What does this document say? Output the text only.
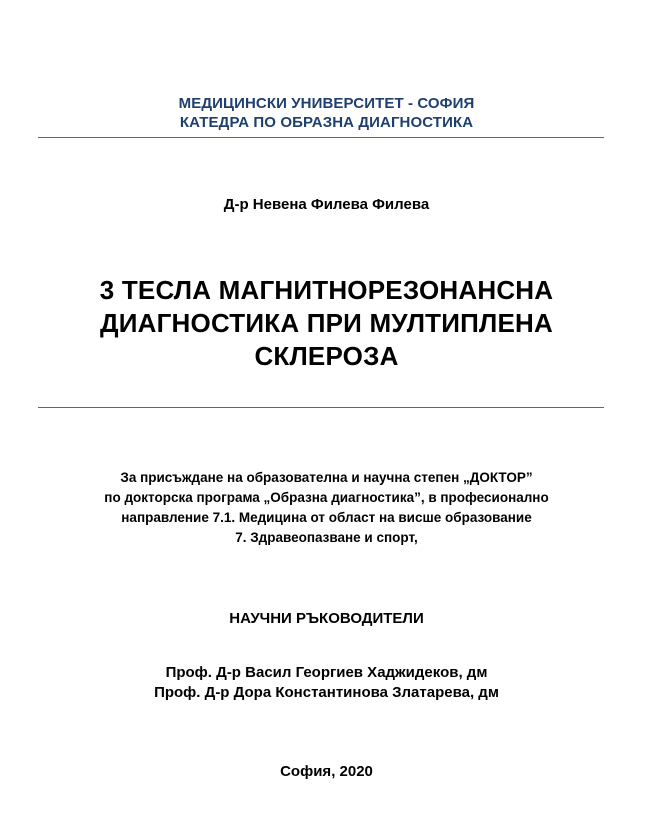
МЕДИЦИНСКИ УНИВЕРСИТЕТ - СОФИЯ
КАТЕДРА ПО ОБРАЗНА ДИАГНОСТИКА
Д-р Невена Филева Филева
3 ТЕСЛА МАГНИТНОРЕЗОНАНСНА
ДИАГНОСТИКА ПРИ МУЛТИПЛЕНА
СКЛЕРОЗА
За присъждане на образователна и научна степен „ДОКТОР”
по докторска програма „Образна диагностика”, в професионално
направление 7.1. Медицина от област на висше образование
7. Здравеопазване и спорт,
НАУЧНИ РЪКОВОДИТЕЛИ
Проф. Д-р Васил Георгиев Хаджидеков, дм
Проф. Д-р Дора Константинова Златарева, дм
София, 2020
